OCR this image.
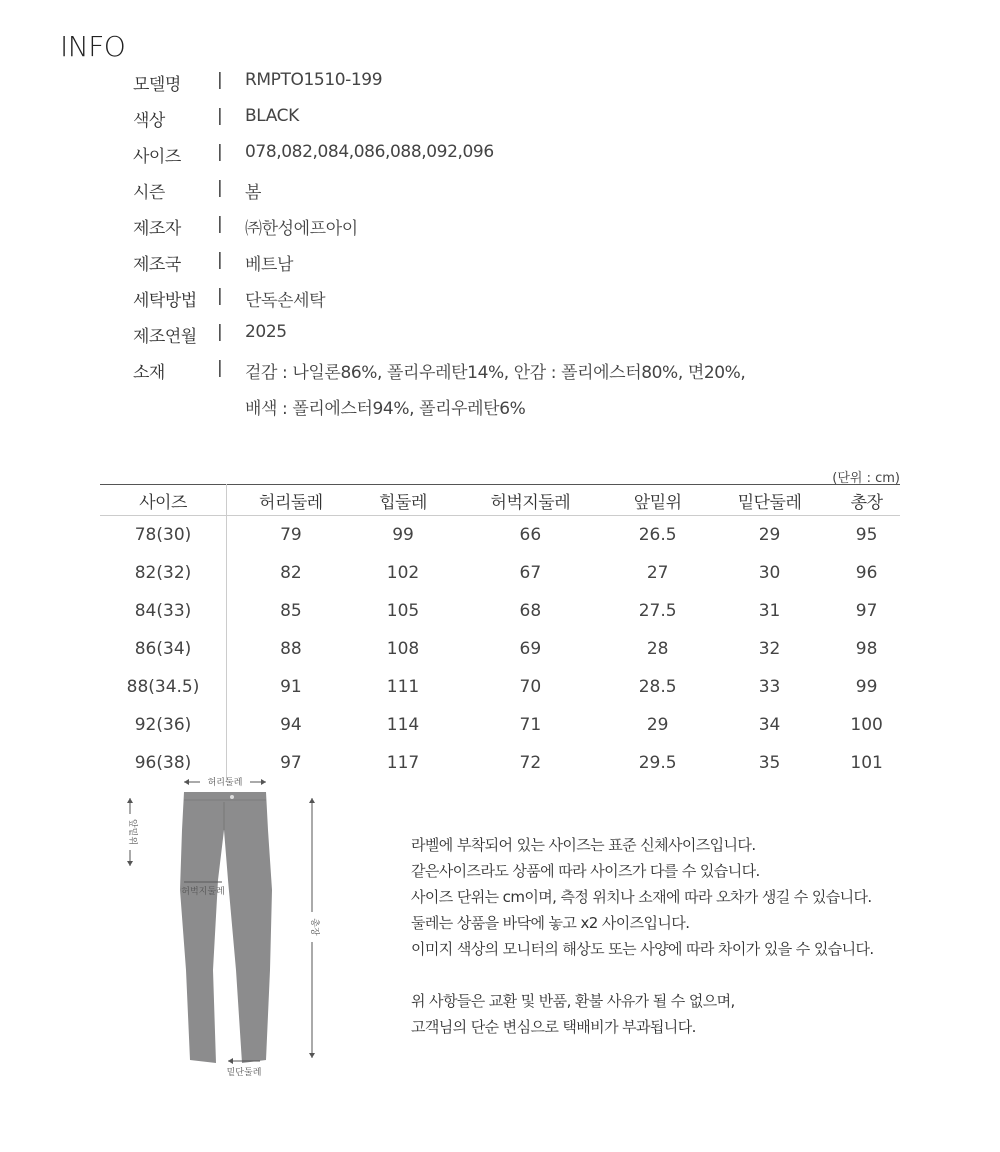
INFO
모델명	| RMPTO1510-199
색상	| BLACK
사이즈	| 078,082,084,086,088,092,096
시즌	| 봄
제조자	| ㈜한성에프아이
제조국	| 베트남
세탁방법	| 단독손세탁
제조연월	| 2025
소재	| 겉감 : 나일론86%, 폴리우레탄14%, 안감 : 폴리에스터80%, 면20%,
배색 : 폴리에스터94%, 폴리우레탄6%
(단위 : cm)
사이즈	허리둘레	힙둘레	허벅지둘레	앞밑위	밑단둘레	총장
78(30)	79	99	66	26.5	29	95
82(32)	82	102	67	27	30	96
84(33)	85	105	68	27.5	31	97
86(34)	88	108	69	28	32	98
88(34.5)	91	111	70	28.5	33	99
92(36)	94	114	71	29	34	100
96(38)	97	117	72	29.5	35	101
허리둘레
앞밑위
허벅지둘레
총장
밑단둘레

라벨에 부착되어 있는 사이즈는 표준 신체사이즈입니다.

같은사이즈라도 상품에 따라 사이즈가 다를 수 있습니다.

사이즈 단위는 cm이며, 측정 위치나 소재에 따라 오차가 생길 수 있습니다.

둘레는 상품을 바닥에 놓고 x2 사이즈입니다.

이미지 색상의 모니터의 해상도 또는 사양에 따라 차이가 있을 수 있습니다.

위 사항들은 교환 및 반품, 환불 사유가 될 수 없으며,

고객님의 단순 변심으로 택배비가 부과됩니다.
